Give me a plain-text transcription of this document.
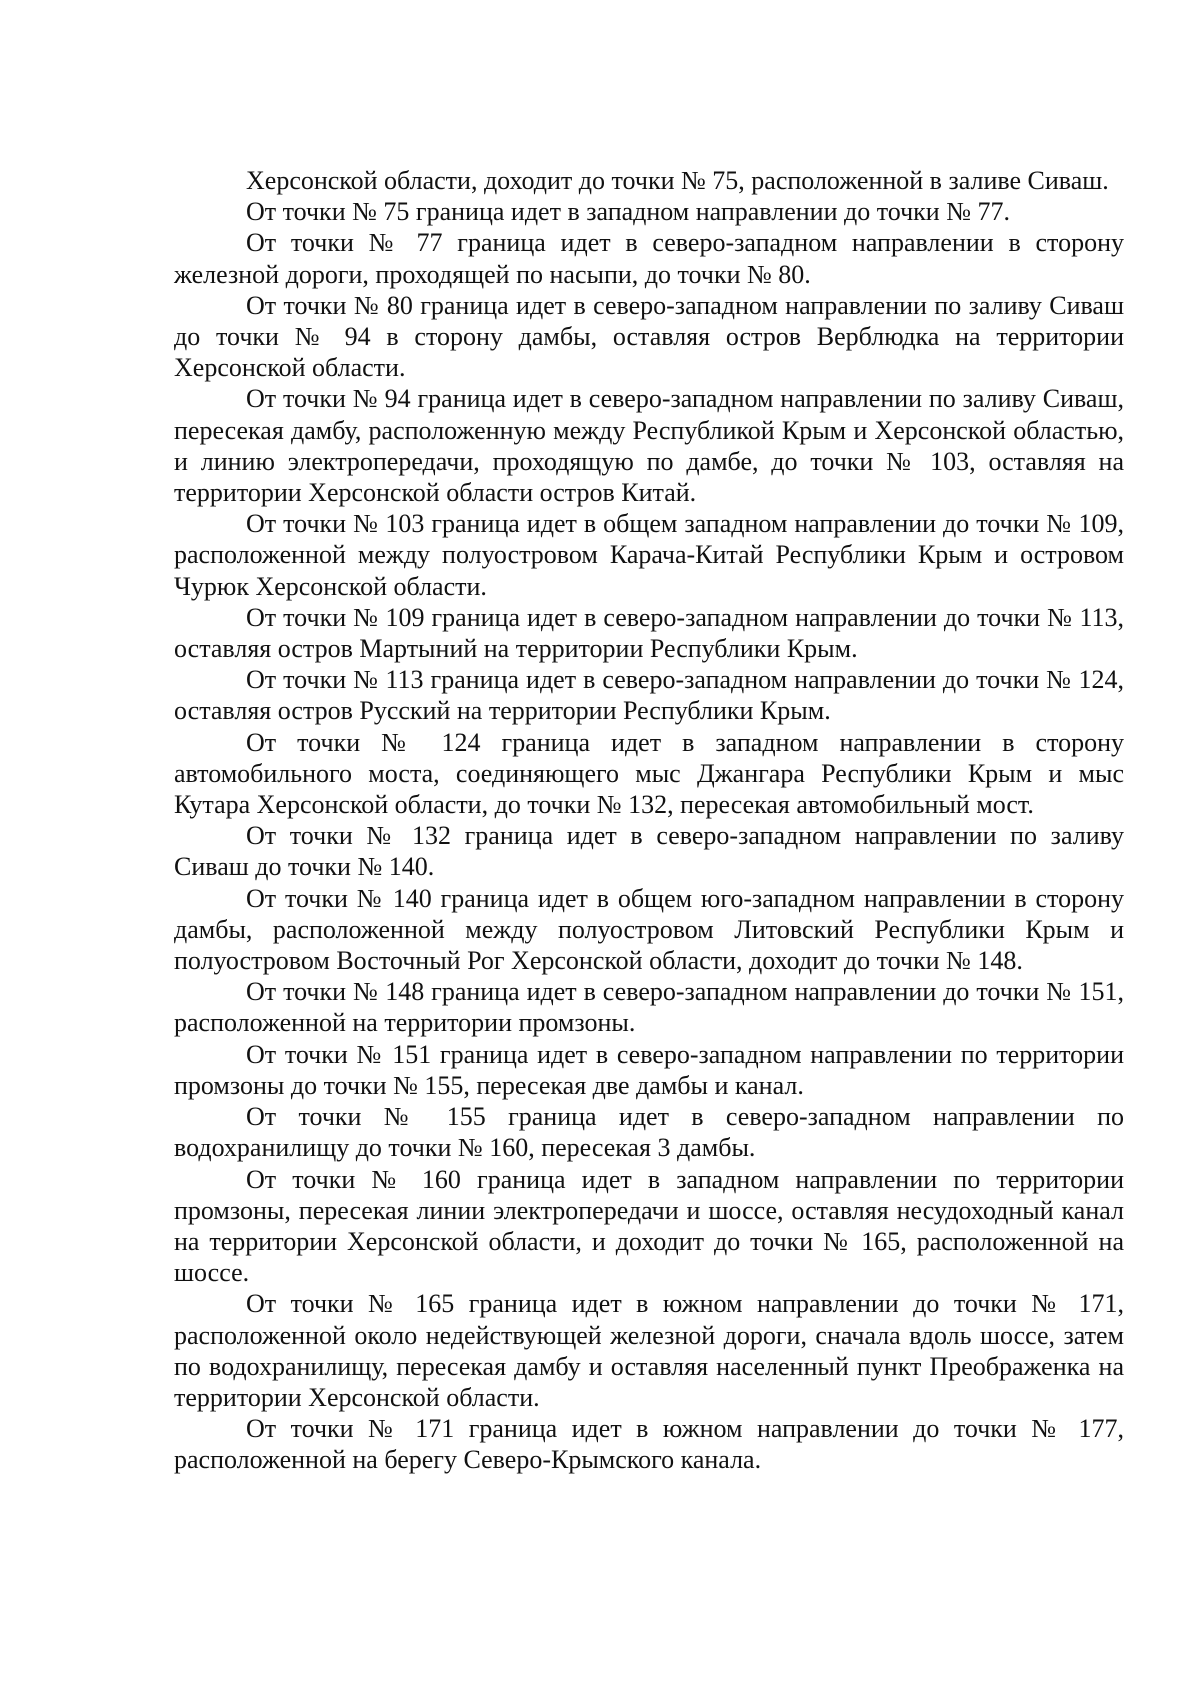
Херсонской области, доходит до точки № 75, расположенной в заливе Сиваш.

От точки № 75 граница идет в западном направлении до точки № 77.

От точки № 77 граница идет в северо-западном направлении в сторону железной дороги, проходящей по насыпи, до точки № 80.

От точки № 80 граница идет в северо-западном направлении по заливу Сиваш до точки № 94 в сторону дамбы, оставляя остров Верблюдка на территории Херсонской области.

От точки № 94 граница идет в северо-западном направлении по заливу Сиваш, пересекая дамбу, расположенную между Республикой Крым и Херсонской областью, и линию электропередачи, проходящую по дамбе, до точки № 103, оставляя на территории Херсонской области остров Китай.

От точки № 103 граница идет в общем западном направлении до точки № 109, расположенной между полуостровом Карача-Китай Республики Крым и островом Чурюк Херсонской области.

От точки № 109 граница идет в северо-западном направлении до точки № 113, оставляя остров Мартыний на территории Республики Крым.

От точки № 113 граница идет в северо-западном направлении до точки № 124, оставляя остров Русский на территории Республики Крым.

От точки № 124 граница идет в западном направлении в сторону автомобильного моста, соединяющего мыс Джангара Республики Крым и мыс Кутара Херсонской области, до точки № 132, пересекая автомобильный мост.

От точки № 132 граница идет в северо-западном направлении по заливу Сиваш до точки № 140.

От точки № 140 граница идет в общем юго-западном направлении в сторону дамбы, расположенной между полуостровом Литовский Республики Крым и полуостровом Восточный Рог Херсонской области, доходит до точки № 148.

От точки № 148 граница идет в северо-западном направлении до точки № 151, расположенной на территории промзоны.

От точки № 151 граница идет в северо-западном направлении по территории промзоны до точки № 155, пересекая две дамбы и канал.

От точки № 155 граница идет в северо-западном направлении по водохранилищу до точки № 160, пересекая 3 дамбы.

От точки № 160 граница идет в западном направлении по территории промзоны, пересекая линии электропередачи и шоссе, оставляя несудоходный канал на территории Херсонской области, и доходит до точки № 165, расположенной на шоссе.

От точки № 165 граница идет в южном направлении до точки № 171, расположенной около недействующей железной дороги, сначала вдоль шоссе, затем по водохранилищу, пересекая дамбу и оставляя населенный пункт Преображенка на территории Херсонской области.

От точки № 171 граница идет в южном направлении до точки № 177, расположенной на берегу Северо-Крымского канала.
